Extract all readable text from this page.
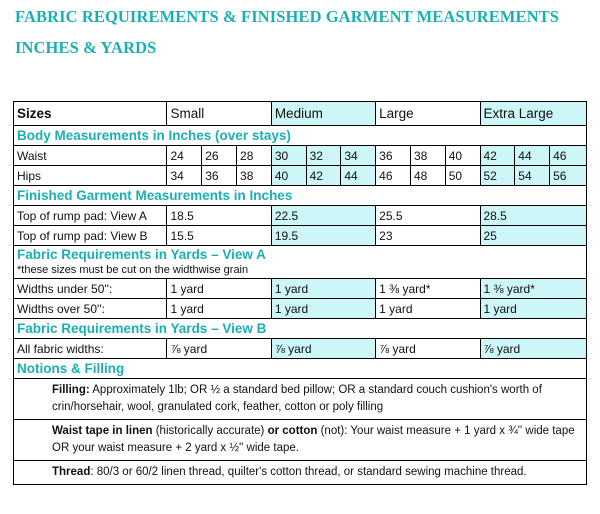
FABRIC REQUIREMENTS & FINISHED GARMENT MEASUREMENTS
INCHES & YARDS
Sizes	Small			Medium			Large			Extra Large		
Body Measurements in Inches (over stays)												
Waist	24	26	28	30	32	34	36	38	40	42	44	46
Hips	34	36	38	40	42	44	46	48	50	52	54	56
Finished Garment Measurements in Inches												
Top of rump pad: View A	18.5			22.5			25.5			28.5		
Top of rump pad: View B	15.5			19.5			23			25		
Fabric Requirements in Yards – View A
*these sizes must be cut on the widthwise grain												

Widths under 50'':	1 yard			1 yard			1 ⅜ yard*			1 ⅜ yard*		
Widths over 50'':	1 yard			1 yard			1 yard			1 yard		
Fabric Requirements in Yards – View B												
All fabric widths:	⅞ yard			⅞ yard			⅞ yard			⅞ yard		
Notions & Filling												
Filling: Approximately 1lb; OR ½ a standard bed pillow; OR a standard couch cushion's worth of crin/horsehair, wool, granulated cork, feather, cotton or poly filling												
Waist tape in linen (historically accurate) or cotton (not): Your waist measure + 1 yard x ¾'' wide tape OR your waist measure + 2 yard x ½'' wide tape.												
Thread: 80/3 or 60/2 linen thread, quilter's cotton thread, or standard sewing machine thread.												
